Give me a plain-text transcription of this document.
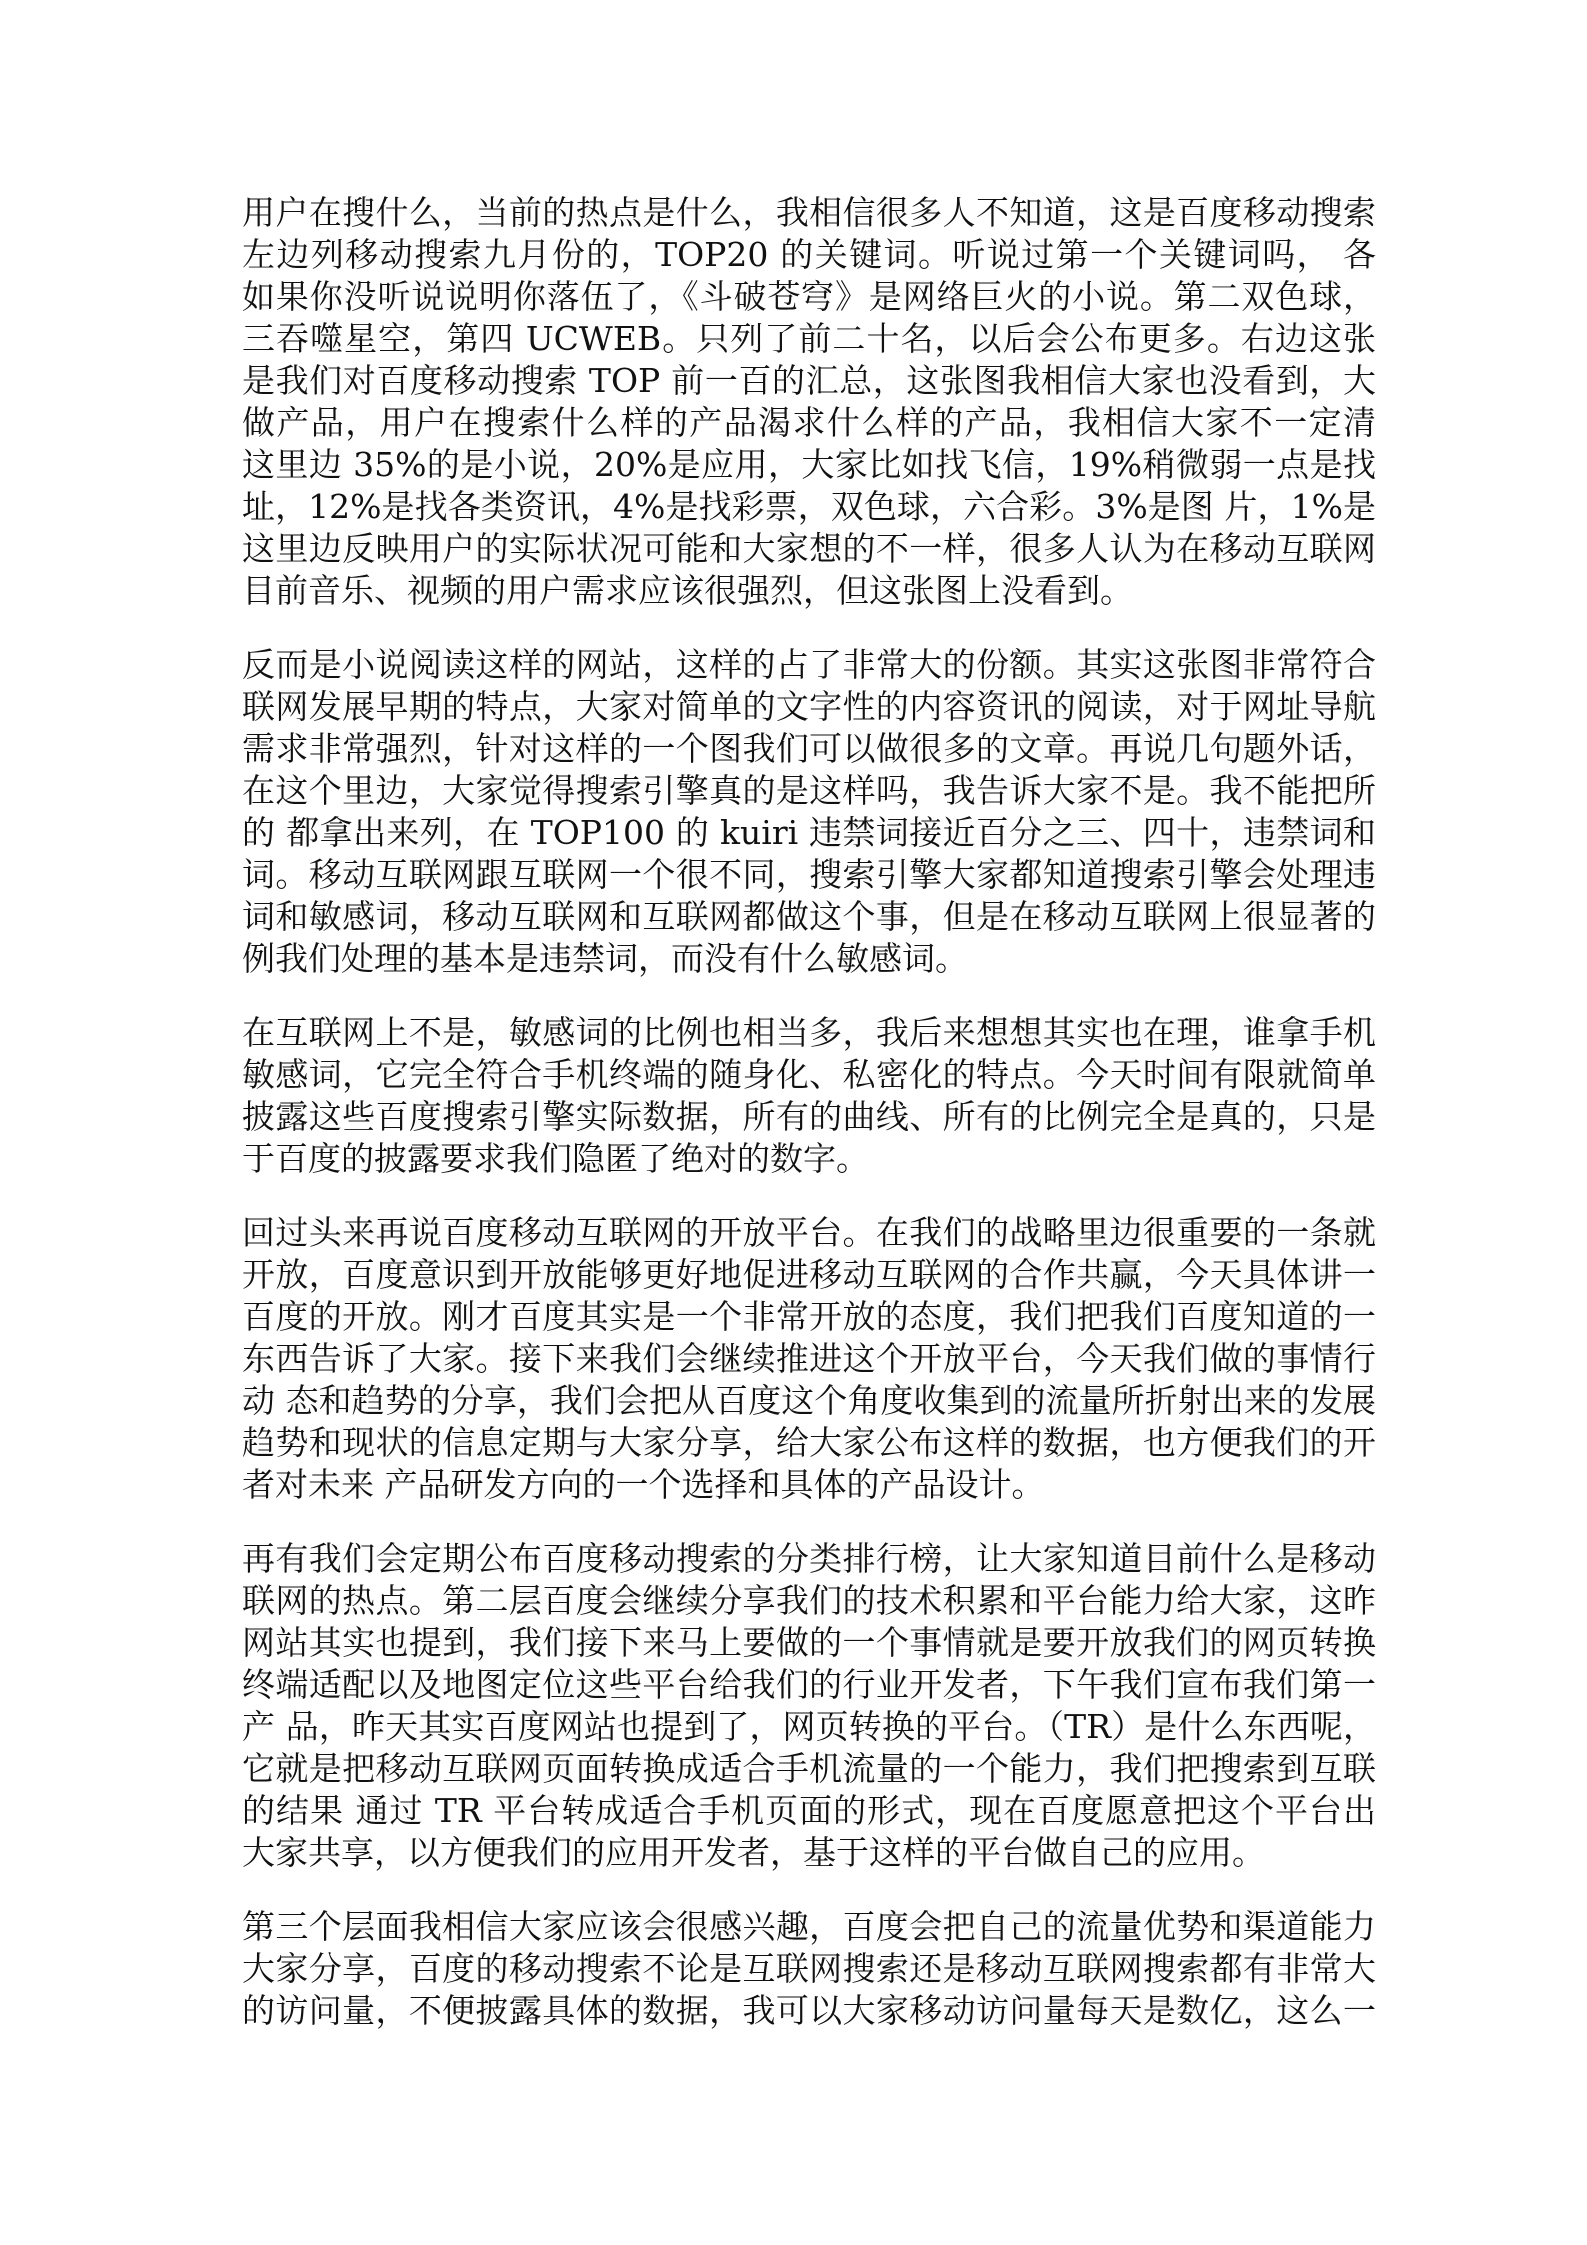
用户在搜什么，当前的热点是什么，我相信很多人不知道，这是百度移动搜索
左边列移动搜索九月份的，TOP20 的关键词。听说过第一个关键词吗， 各
如果你没听说说明你落伍了，《斗破苍穹》是网络巨火的小说。第二双色球，
三吞噬星空，第四 UCWEB。只列了前二十名，以后会公布更多。右边这张
是我们对百度移动搜索 TOP 前一百的汇总，这张图我相信大家也没看到，大
做产品，用户在搜索什么样的产品渴求什么样的产品，我相信大家不一定清
这里边 35%的是小说，20%是应用，大家比如找飞信，19%稍微弱一点是找
址，12%是找各类资讯，4%是找彩票，双色球，六合彩。3%是图 片，1%是
这里边反映用户的实际状况可能和大家想的不一样，很多人认为在移动互联网
目前音乐、视频的用户需求应该很强烈，但这张图上没看到。
反而是小说阅读这样的网站，这样的占了非常大的份额。其实这张图非常符合
联网发展早期的特点，大家对简单的文字性的内容资讯的阅读，对于网址导航
需求非常强烈，针对这样的一个图我们可以做很多的文章。再说几句题外话，
在这个里边，大家觉得搜索引擎真的是这样吗，我告诉大家不是。我不能把所
的 都拿出来列，在 TOP100 的 kuiri 违禁词接近百分之三、四十，违禁词和
词。移动互联网跟互联网一个很不同，搜索引擎大家都知道搜索引擎会处理违
词和敏感词，移动互联网和互联网都做这个事，但是在移动互联网上很显著的
例我们处理的基本是违禁词，而没有什么敏感词。
在互联网上不是，敏感词的比例也相当多，我后来想想其实也在理，谁拿手机
敏感词，它完全符合手机终端的随身化、私密化的特点。今天时间有限就简单
披露这些百度搜索引擎实际数据，所有的曲线、所有的比例完全是真的，只是
于百度的披露要求我们隐匿了绝对的数字。
回过头来再说百度移动互联网的开放平台。在我们的战略里边很重要的一条就
开放，百度意识到开放能够更好地促进移动互联网的合作共赢，今天具体讲一
百度的开放。刚才百度其实是一个非常开放的态度，我们把我们百度知道的一
东西告诉了大家。接下来我们会继续推进这个开放平台，今天我们做的事情行
动 态和趋势的分享，我们会把从百度这个角度收集到的流量所折射出来的发展
趋势和现状的信息定期与大家分享，给大家公布这样的数据，也方便我们的开
者对未来 产品研发方向的一个选择和具体的产品设计。
再有我们会定期公布百度移动搜索的分类排行榜，让大家知道目前什么是移动
联网的热点。第二层百度会继续分享我们的技术积累和平台能力给大家，这昨
网站其实也提到，我们接下来马上要做的一个事情就是要开放我们的网页转换
终端适配以及地图定位这些平台给我们的行业开发者，下午我们宣布我们第一
产 品，昨天其实百度网站也提到了，网页转换的平台。（TR）是什么东西呢，
它就是把移动互联网页面转换成适合手机流量的一个能力，我们把搜索到互联
的结果 通过 TR 平台转成适合手机页面的形式，现在百度愿意把这个平台出
大家共享，以方便我们的应用开发者，基于这样的平台做自己的应用。
第三个层面我相信大家应该会很感兴趣，百度会把自己的流量优势和渠道能力
大家分享，百度的移动搜索不论是互联网搜索还是移动互联网搜索都有非常大
的访问量，不便披露具体的数据，我可以大家移动访问量每天是数亿，这么一
